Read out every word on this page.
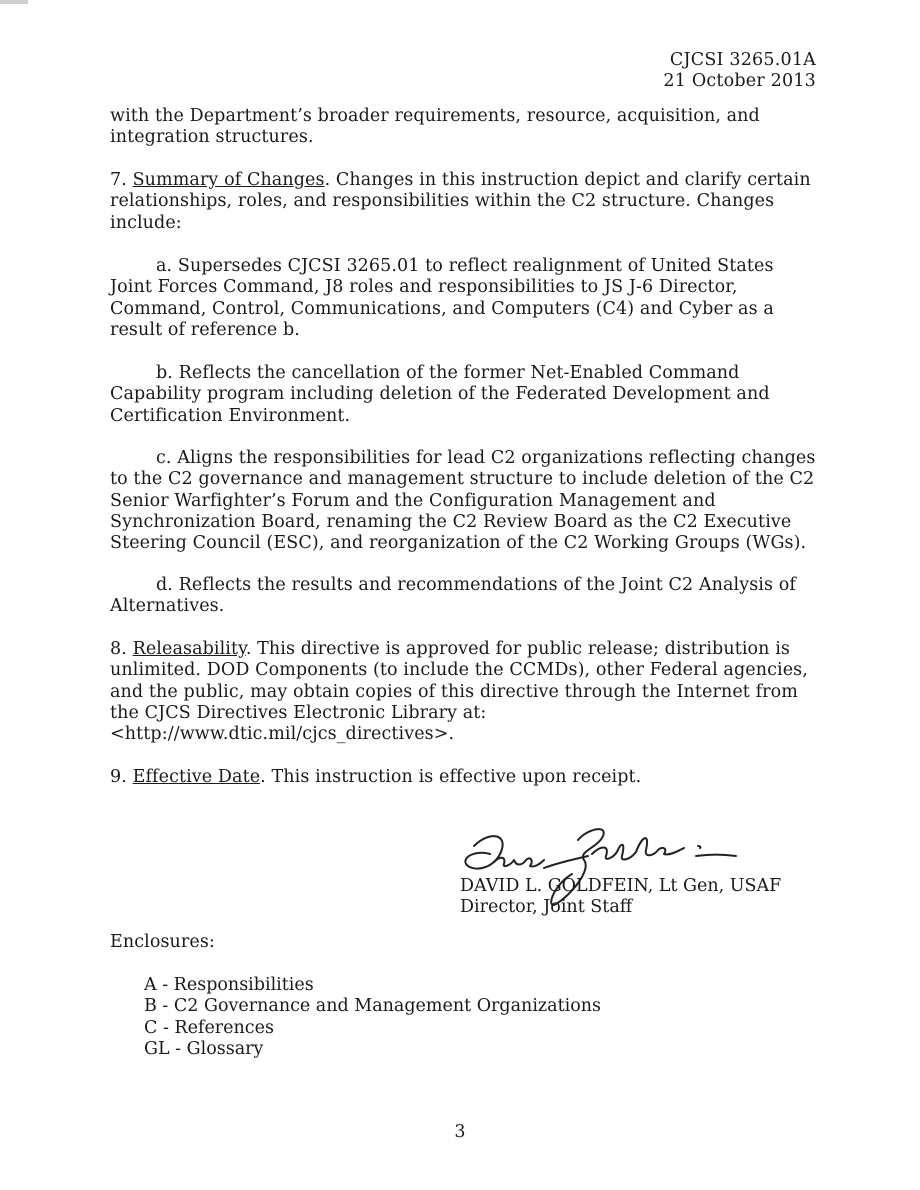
CJCSI 3265.01A
21 October 2013

with the Department’s broader requirements, resource, acquisition, and integration structures.

7. Summary of Changes. Changes in this instruction depict and clarify certain relationships, roles, and responsibilities within the C2 structure. Changes include:

a. Supersedes CJCSI 3265.01 to reflect realignment of United States Joint Forces Command, J8 roles and responsibilities to JS J-6 Director, Command, Control, Communications, and Computers (C4) and Cyber as a result of reference b.

b. Reflects the cancellation of the former Net-Enabled Command Capability program including deletion of the Federated Development and Certification Environment.

c. Aligns the responsibilities for lead C2 organizations reflecting changes to the C2 governance and management structure to include deletion of the C2 Senior Warfighter’s Forum and the Configuration Management and Synchronization Board, renaming the C2 Review Board as the C2 Executive Steering Council (ESC), and reorganization of the C2 Working Groups (WGs).

d. Reflects the results and recommendations of the Joint C2 Analysis of Alternatives.

8. Releasability. This directive is approved for public release; distribution is unlimited. DOD Components (to include the CCMDs), other Federal agencies, and the public, may obtain copies of this directive through the Internet from the CJCS Directives Electronic Library at:

<http://www.dtic.mil/cjcs_directives>.

9. Effective Date. This instruction is effective upon receipt.

DAVID L. GOLDFEIN, Lt Gen, USAF
Director, Joint Staff

Enclosures:

A - Responsibilities
B - C2 Governance and Management Organizations
C - References
GL - Glossary
3
